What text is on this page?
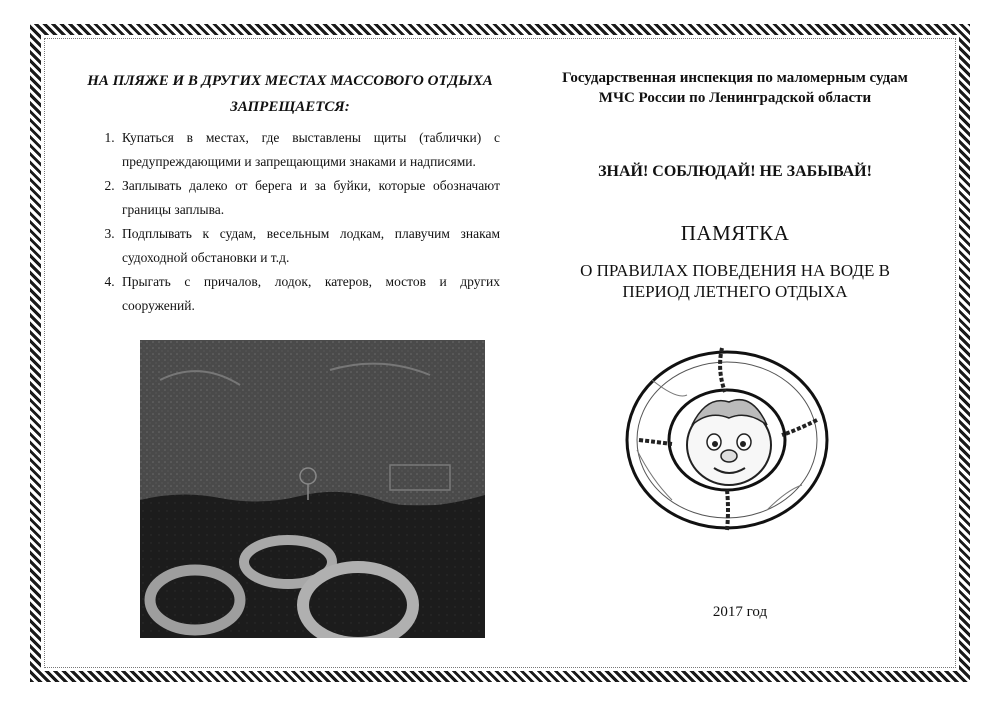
НА ПЛЯЖЕ И В ДРУГИХ МЕСТАХ МАССОВОГО ОТДЫХА
ЗАПРЕЩАЕТСЯ:
1. Купаться в местах, где выставлены щиты (таблички) с предупреждающими и запрещающими знаками и надписями.
2. Заплывать далеко от берега и за буйки, которые обозначают границы заплыва.
3. Подплывать к судам, весельным лодкам, плавучим знакам судоходной обстановки и т.д.
4. Прыгать с причалов, лодок, катеров, мостов и других сооружений.
Государственная инспекция по маломерным судам
МЧС России по Ленинградской области
ЗНАЙ! СОБЛЮДАЙ! НЕ ЗАБЫВАЙ!
ПАМЯТКА
О ПРАВИЛАХ ПОВЕДЕНИЯ НА ВОДЕ В
ПЕРИОД ЛЕТНЕГО ОТДЫХА
2017 год
